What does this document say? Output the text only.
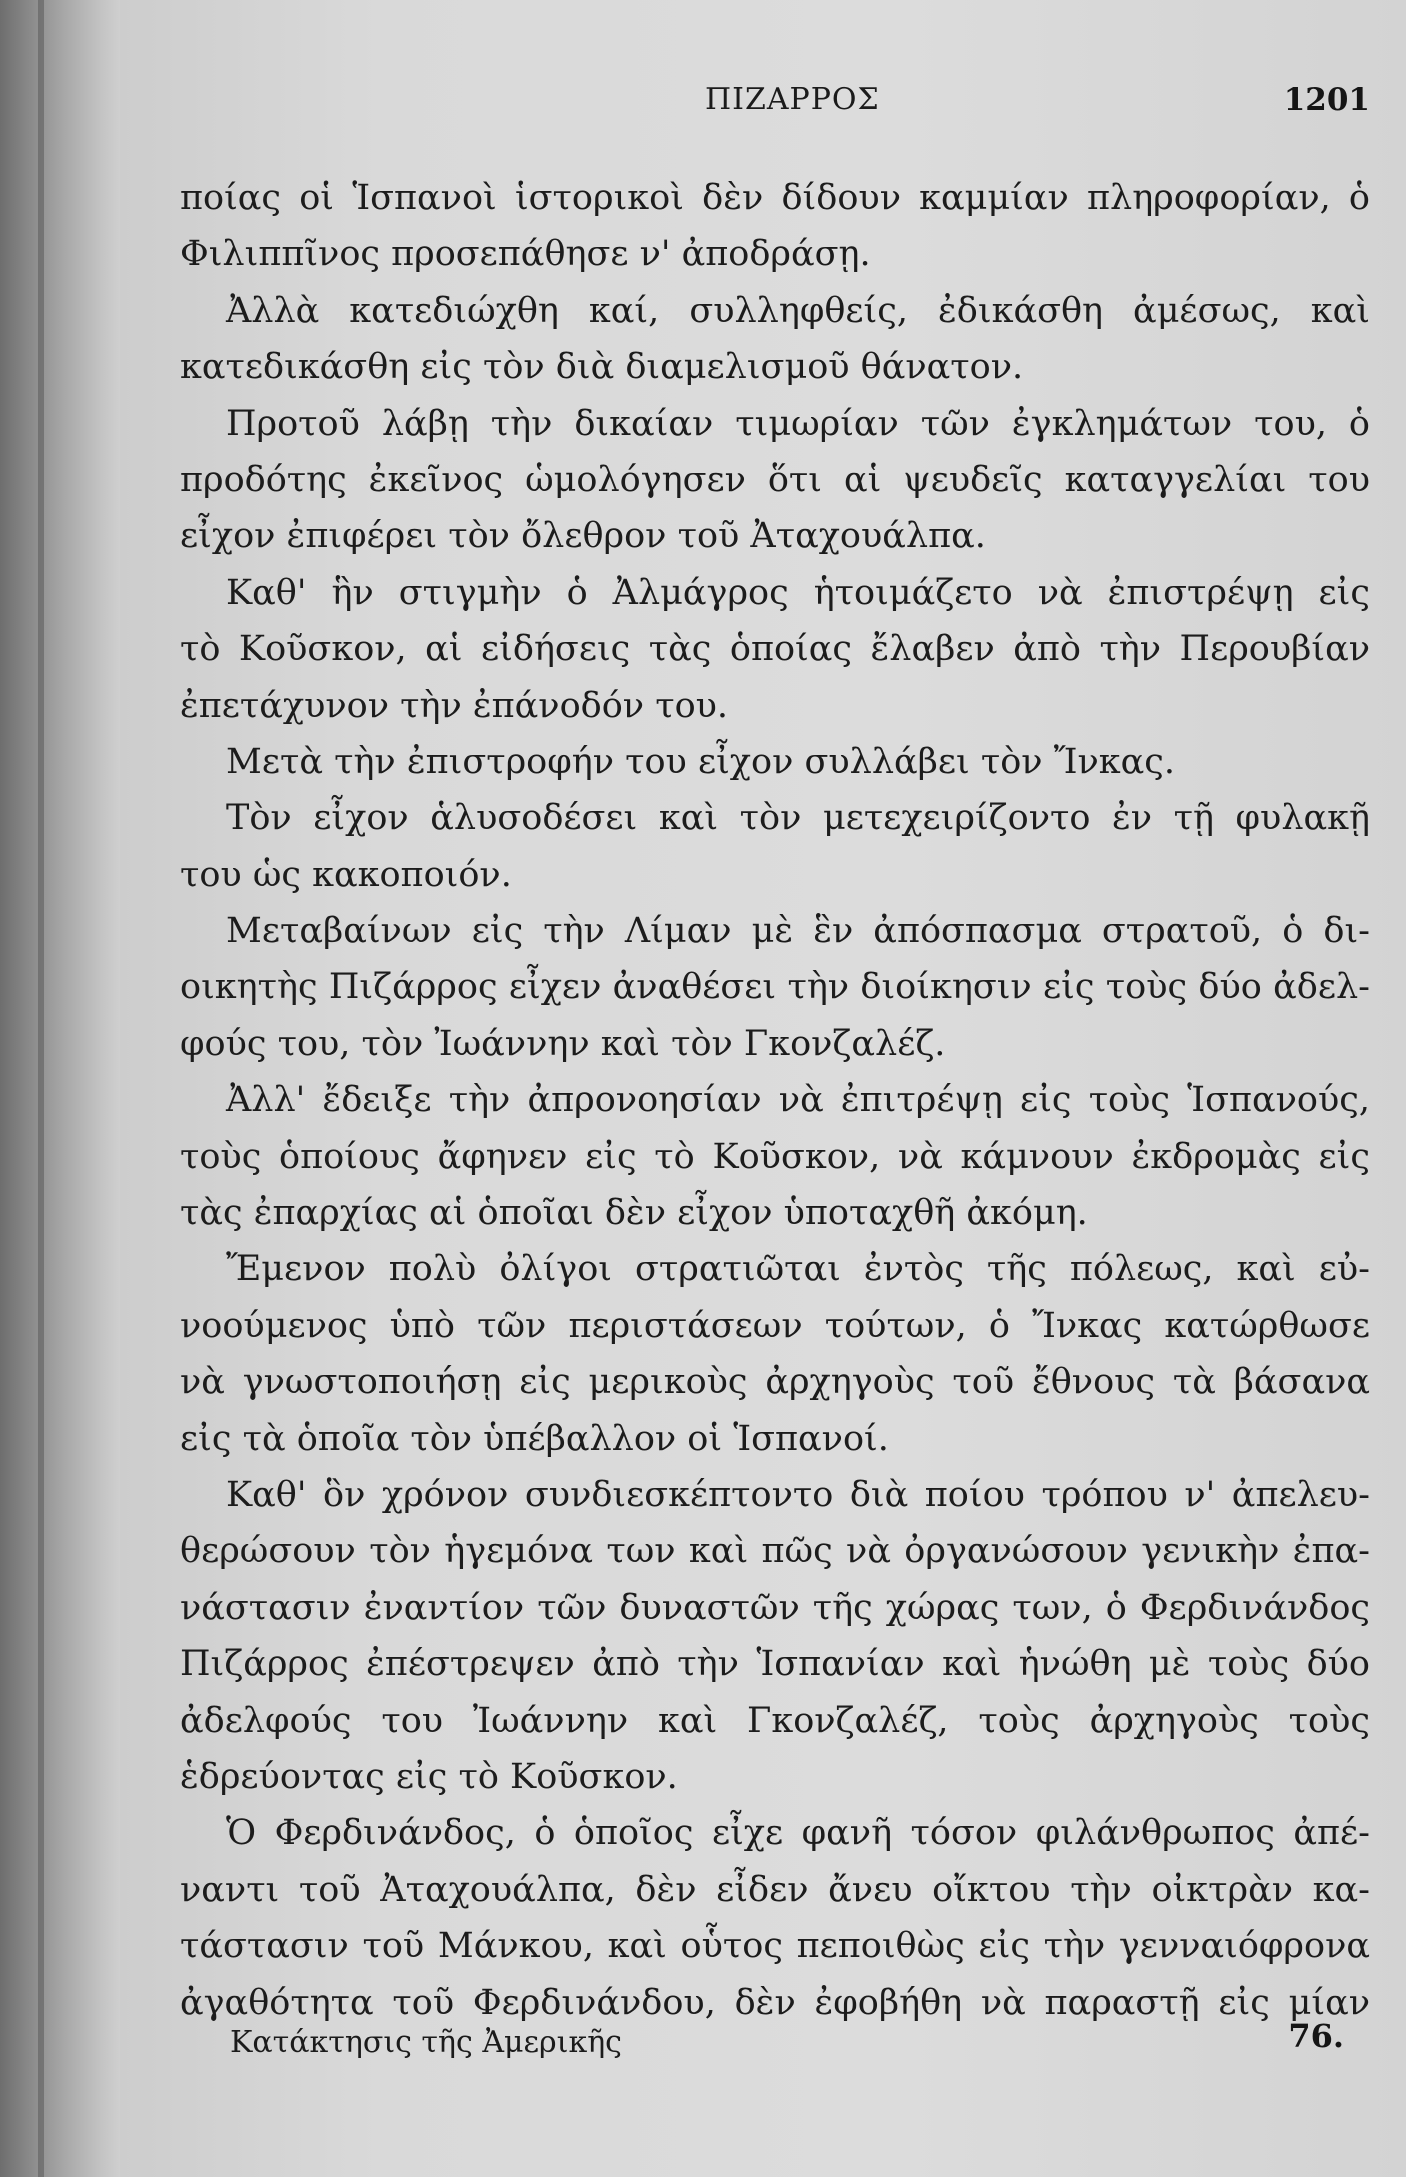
ΠΙΖΑΡΡΟΣ	1201
ποίας οἱ Ἱσπανοὶ ἱστορικοὶ δὲν δίδουν καμμίαν πληροφορίαν, ὁ
Φιλιππῖνος προσεπάθησε ν' ἀποδράσῃ.
Ἀλλὰ κατεδιώχθη καί, συλληφθείς, ἐδικάσθη ἀμέσως, καὶ
κατεδικάσθη εἰς τὸν διὰ διαμελισμοῦ θάνατον.
Προτοῦ λάβῃ τὴν δικαίαν τιμωρίαν τῶν ἐγκλημάτων του, ὁ
προδότης ἐκεῖνος ὡμολόγησεν ὅτι αἱ ψευδεῖς καταγγελίαι του
εἶχον ἐπιφέρει τὸν ὄλεθρον τοῦ Ἀταχουάλπα.
Καθ' ἣν στιγμὴν ὁ Ἀλμάγρος ἡτοιμάζετο νὰ ἐπιστρέψῃ εἰς
τὸ Κοῦσκον, αἱ εἰδήσεις τὰς ὁποίας ἔλαβεν ἀπὸ τὴν Περουβίαν
ἐπετάχυνον τὴν ἐπάνοδόν του.
Μετὰ τὴν ἐπιστροφήν του εἶχον συλλάβει τὸν Ἴνκας.
Τὸν εἶχον ἁλυσοδέσει καὶ τὸν μετεχειρίζοντο ἐν τῇ φυλακῇ
του ὡς κακοποιόν.
Μεταβαίνων εἰς τὴν Λίμαν μὲ ἓν ἀπόσπασμα στρατοῦ, ὁ δι-
οικητὴς Πιζάρρος εἶχεν ἀναθέσει τὴν διοίκησιν εἰς τοὺς δύο ἀδελ-
φούς του, τὸν Ἰωάννην καὶ τὸν Γκονζαλέζ.
Ἀλλ' ἔδειξε τὴν ἀπρονοησίαν νὰ ἐπιτρέψῃ εἰς τοὺς Ἱσπανούς,
τοὺς ὁποίους ἄφηνεν εἰς τὸ Κοῦσκον, νὰ κάμνουν ἐκδρομὰς εἰς
τὰς ἐπαρχίας αἱ ὁποῖαι δὲν εἶχον ὑποταχθῆ ἀκόμη.
Ἔμενον πολὺ ὀλίγοι στρατιῶται ἐντὸς τῆς πόλεως, καὶ εὐ-
νοούμενος ὑπὸ τῶν περιστάσεων τούτων, ὁ Ἴνκας κατώρθωσε
νὰ γνωστοποιήσῃ εἰς μερικοὺς ἀρχηγοὺς τοῦ ἔθνους τὰ βάσανα
εἰς τὰ ὁποῖα τὸν ὑπέβαλλον οἱ Ἱσπανοί.
Καθ' ὃν χρόνον συνδιεσκέπτοντο διὰ ποίου τρόπου ν' ἀπελευ-
θερώσουν τὸν ἡγεμόνα των καὶ πῶς νὰ ὀργανώσουν γενικὴν ἐπα-
νάστασιν ἐναντίον τῶν δυναστῶν τῆς χώρας των, ὁ Φερδινάνδος
Πιζάρρος ἐπέστρεψεν ἀπὸ τὴν Ἱσπανίαν καὶ ἡνώθη μὲ τοὺς δύο
ἀδελφούς του Ἰωάννην καὶ Γκονζαλέζ, τοὺς ἀρχηγοὺς τοὺς
ἑδρεύοντας εἰς τὸ Κοῦσκον.
Ὁ Φερδινάνδος, ὁ ὁποῖος εἶχε φανῆ τόσον φιλάνθρωπος ἀπέ-
ναντι τοῦ Ἀταχουάλπα, δὲν εἶδεν ἄνευ οἴκτου τὴν οἰκτρὰν κα-
τάστασιν τοῦ Μάνκου, καὶ οὗτος πεποιθὼς εἰς τὴν γενναιόφρονα
ἀγαθότητα τοῦ Φερδινάνδου, δὲν ἐφοβήθη νὰ παραστῇ εἰς μίαν
Κατάκτησις τῆς Ἀμερικῆς	76.
